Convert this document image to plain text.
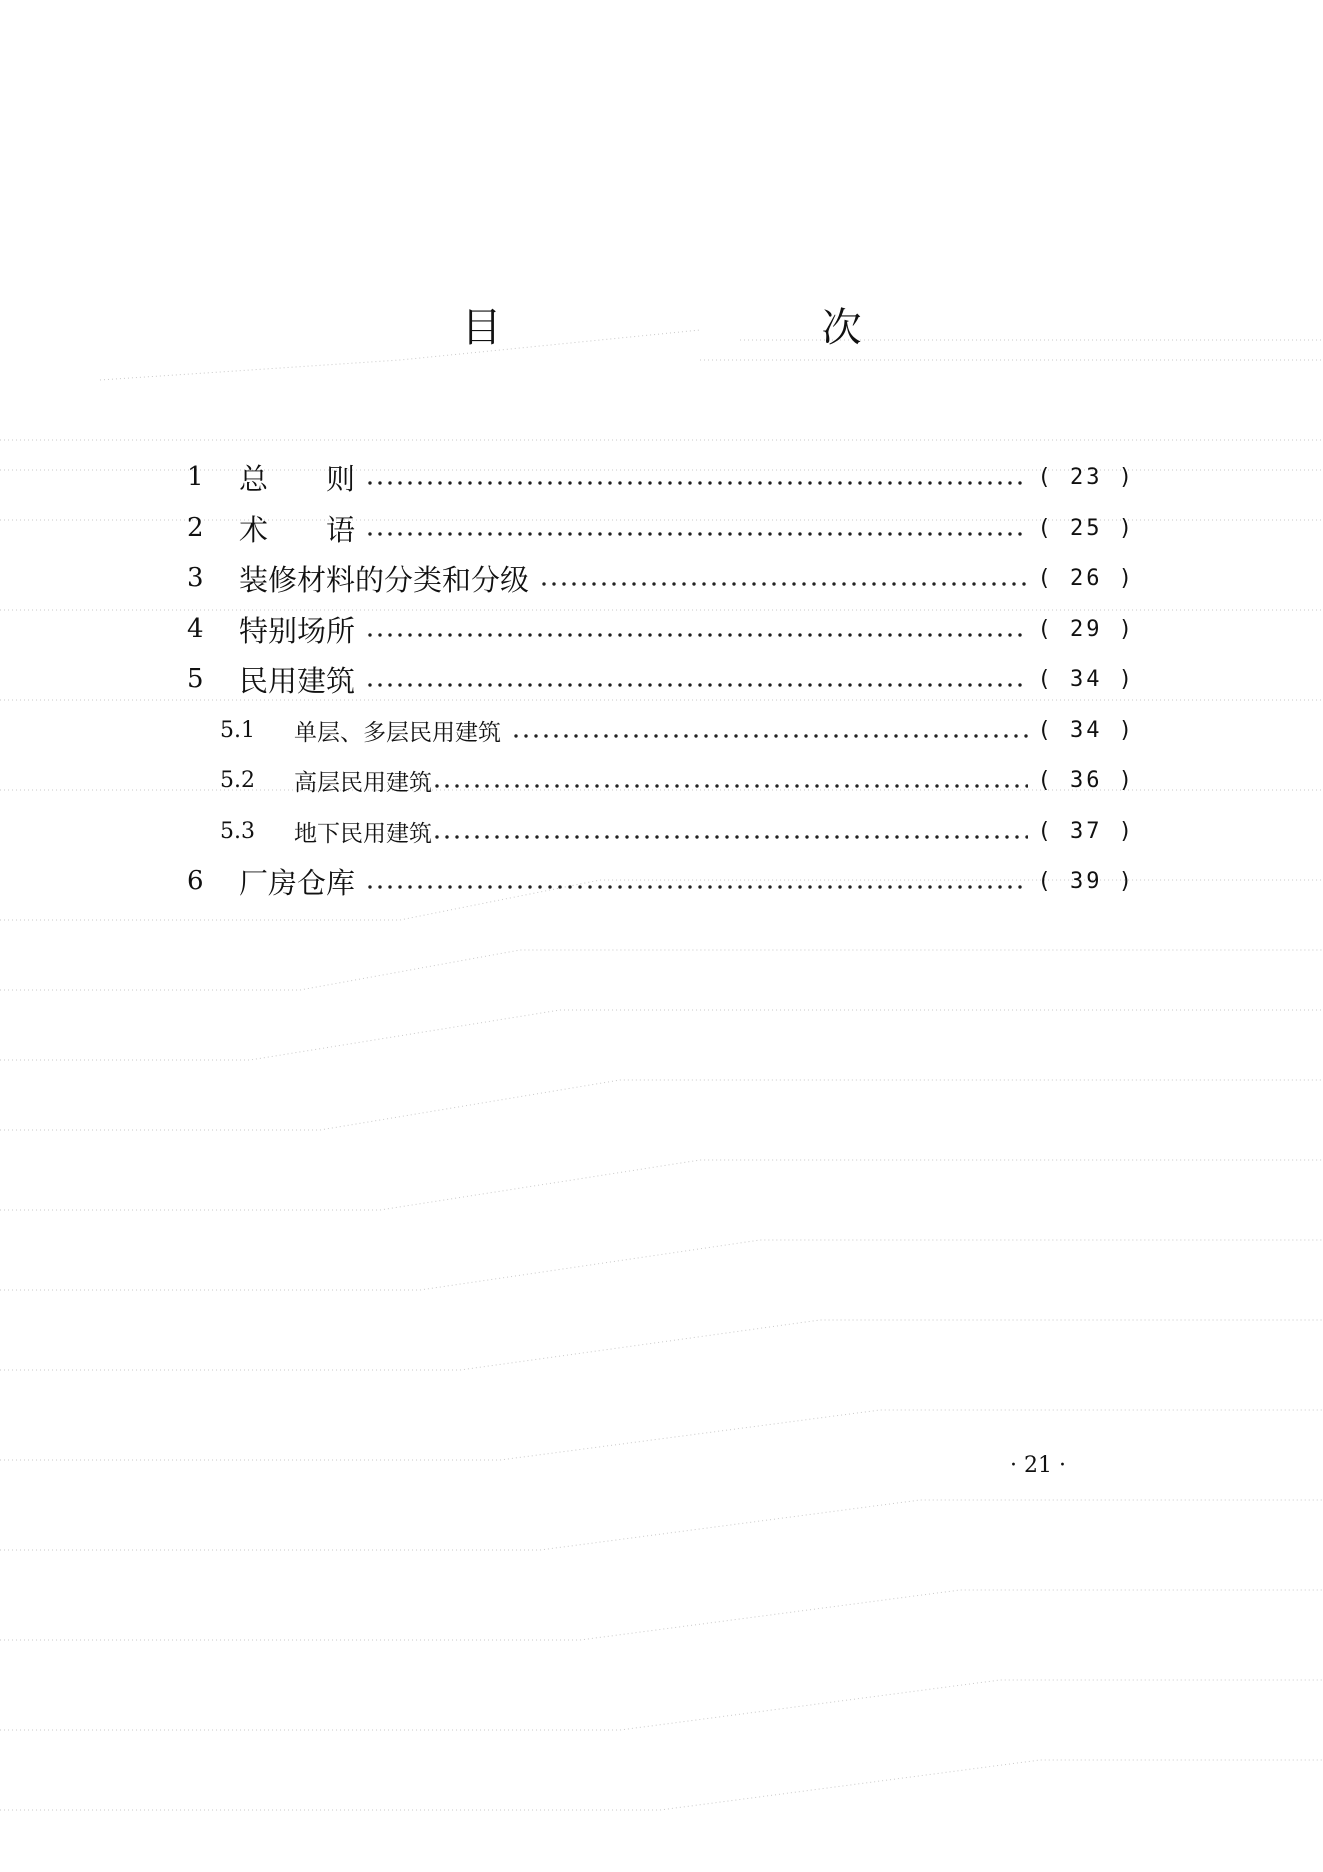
目　　次
1	总　　则	( 23 )
2	术　　语	( 25 )
3	装修材料的分类和分级	( 26 )
4	特别场所	( 29 )
5	民用建筑	( 34 )
5.1	单层、多层民用建筑	( 34 )
5.2	高层民用建筑	( 36 )
5.3	地下民用建筑	( 37 )
6	厂房仓库	( 39 )
· 21 ·
